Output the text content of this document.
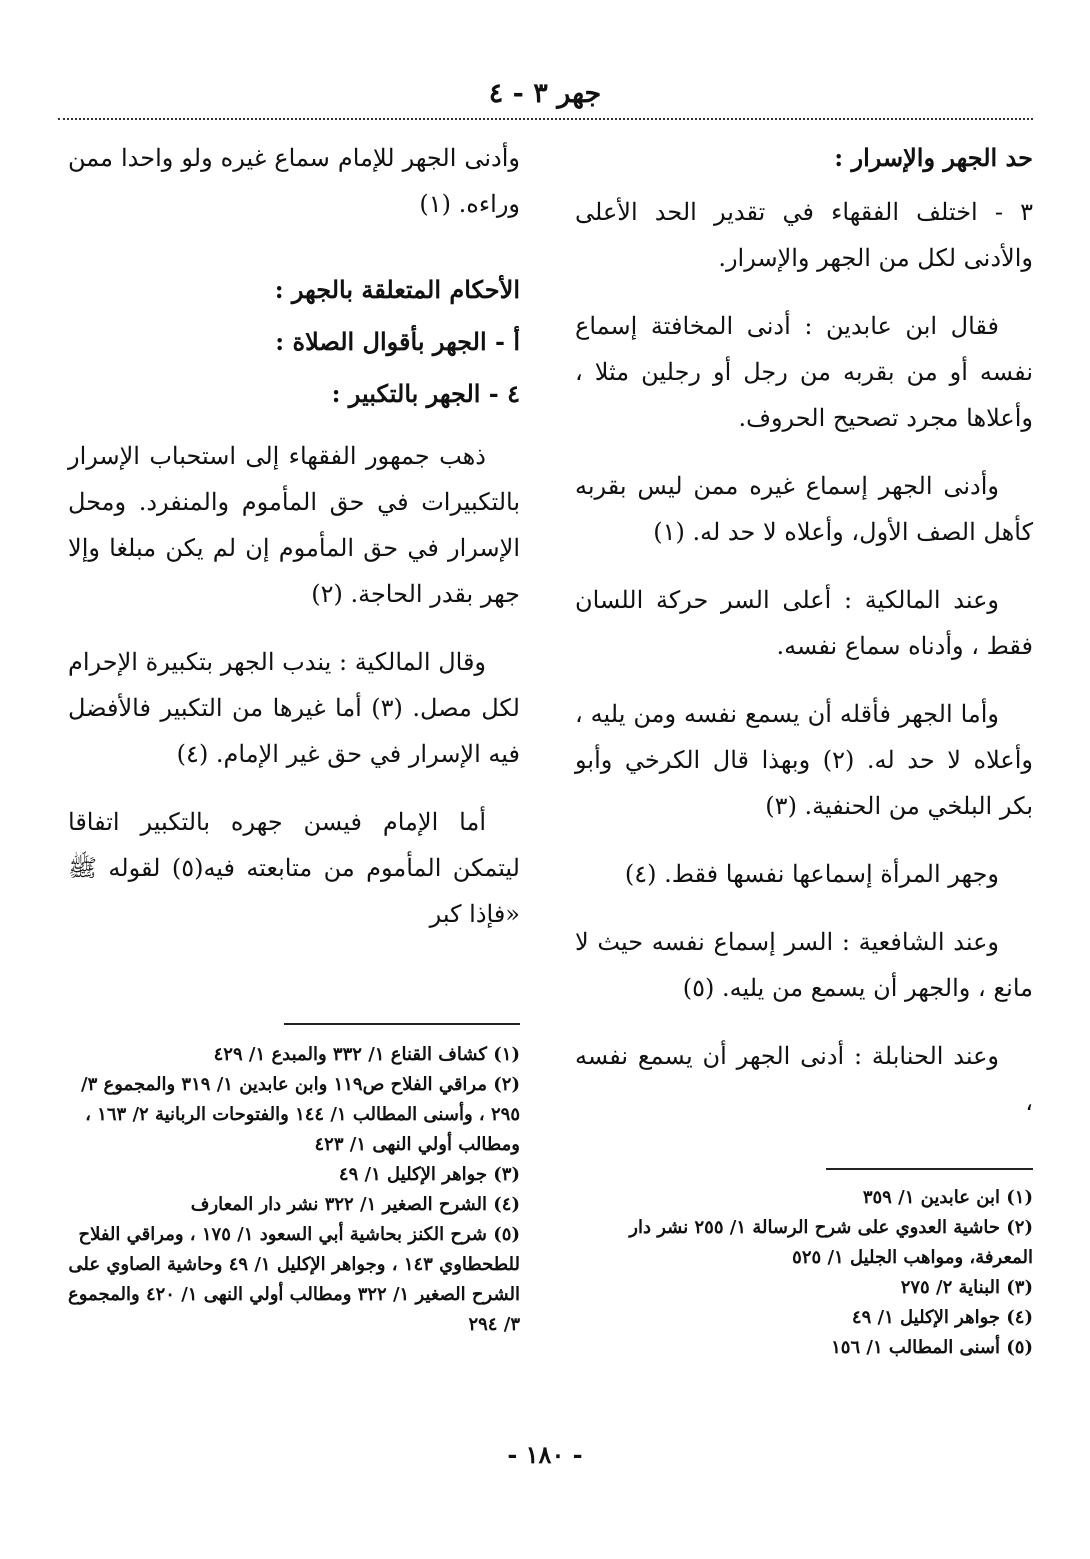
جهر ٣ - ٤

حد الجهر والإسرار :

٣ - اختلف الفقهاء في تقدير الحد الأعلى والأدنى لكل من الجهر والإسرار.

فقال ابن عابدين : أدنى المخافتة إسماع نفسه أو من بقربه من رجل أو رجلين مثلا ، وأعلاها مجرد تصحيح الحروف.

وأدنى الجهر إسماع غيره ممن ليس بقربه كأهل الصف الأول، وأعلاه لا حد له. (١)

وعند المالكية : أعلى السر حركة اللسان فقط ، وأدناه سماع نفسه.

وأما الجهر فأقله أن يسمع نفسه ومن يليه ، وأعلاه لا حد له. (٢) وبهذا قال الكرخي وأبو بكر البلخي من الحنفية. (٣)

وجهر المرأة إسماعها نفسها فقط. (٤)

وعند الشافعية : السر إسماع نفسه حيث لا مانع ، والجهر أن يسمع من يليه. (٥)

وعند الحنابلة : أدنى الجهر أن يسمع نفسه ،

وأدنى الجهر للإمام سماع غيره ولو واحدا ممن وراءه. (١)

الأحكام المتعلقة بالجهر :

أ - الجهر بأقوال الصلاة :

٤ - الجهر بالتكبير :

ذهب جمهور الفقهاء إلى استحباب الإسرار بالتكبيرات في حق المأموم والمنفرد. ومحل الإسرار في حق المأموم إن لم يكن مبلغا وإلا جهر بقدر الحاجة. (٢)

وقال المالكية : يندب الجهر بتكبيرة الإحرام لكل مصل. (٣) أما غيرها من التكبير فالأفضل فيه الإسرار في حق غير الإمام. (٤)

أما الإمام فيسن جهره بالتكبير اتفاقا ليتمكن المأموم من متابعته فيه(٥) لقوله ﷺ «فإذا كبر

(١) ابن عابدين ١/ ٣٥٩
(٢) حاشية العدوي على شرح الرسالة ١/ ٢٥٥ نشر دار المعرفة، ومواهب الجليل ١/ ٥٢٥
(٣) البناية ٢/ ٢٧٥
(٤) جواهر الإكليل ١/ ٤٩
(٥) أسنى المطالب ١/ ١٥٦
(١) كشاف القناع ١/ ٣٣٢ والمبدع ١/ ٤٢٩
(٢) مراقي الفلاح ص١١٩ وابن عابدين ١/ ٣١٩ والمجموع ٣/ ٢٩٥ ، وأسنى المطالب ١/ ١٤٤ والفتوحات الربانية ٢/ ١٦٣ ، ومطالب أولي النهى ١/ ٤٢٣
(٣) جواهر الإكليل ١/ ٤٩
(٤) الشرح الصغير ١/ ٣٢٢ نشر دار المعارف
(٥) شرح الكنز بحاشية أبي السعود ١/ ١٧٥ ، ومراقي الفلاح للطحطاوي ١٤٣ ، وجواهر الإكليل ١/ ٤٩ وحاشية الصاوي على الشرح الصغير ١/ ٣٢٢ ومطالب أولي النهى ١/ ٤٢٠ والمجموع ٣/ ٢٩٤
- ١٨٠ -
